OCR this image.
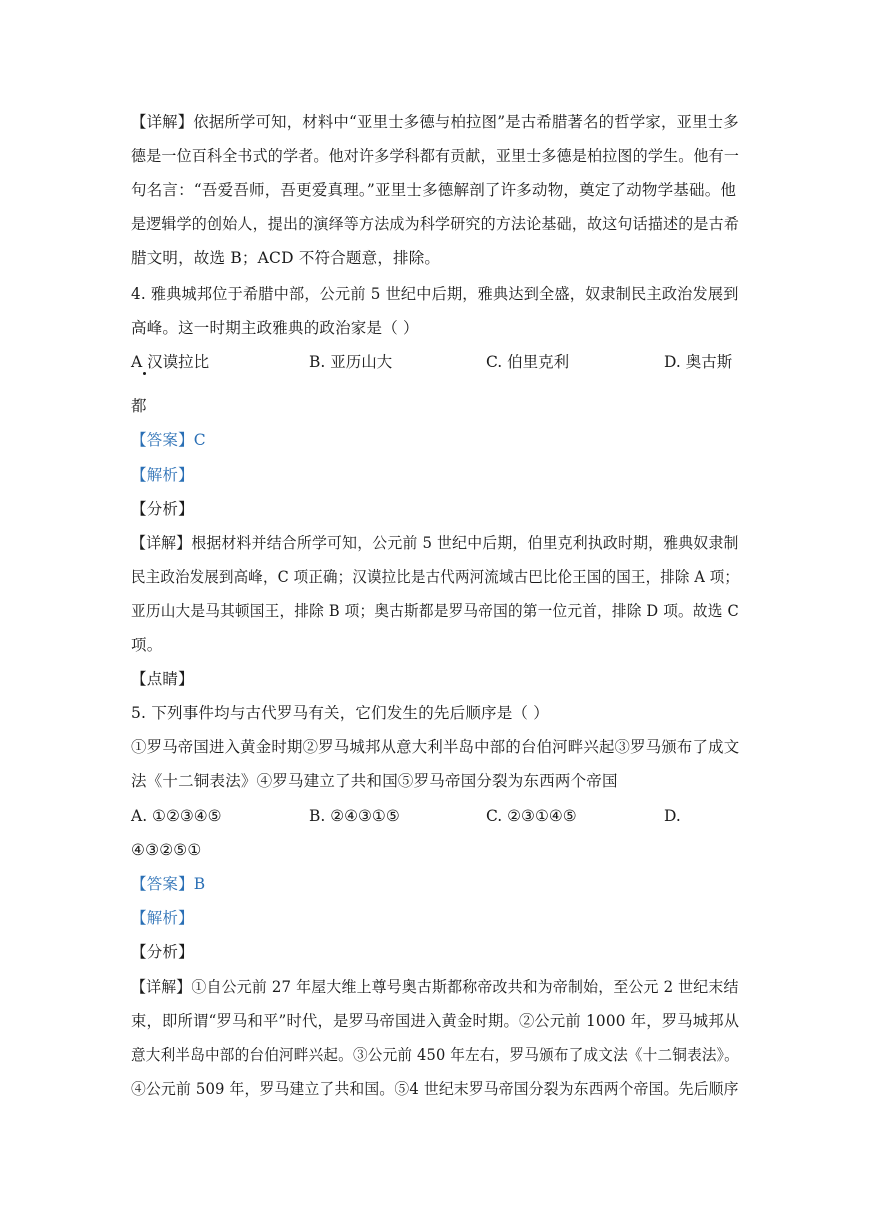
【详解】依据所学可知，材料中“亚里士多德与柏拉图”是古希腊著名的哲学家，亚里士多
德是一位百科全书式的学者。他对许多学科都有贡献，亚里士多德是柏拉图的学生。他有一
句名言：“吾爱吾师，吾更爱真理。”亚里士多德解剖了许多动物，奠定了动物学基础。他
是逻辑学的创始人，提出的演绎等方法成为科学研究的方法论基础，故这句话描述的是古希
腊文明，故选 B；ACD 不符合题意，排除。
4. 雅典城邦位于希腊中部，公元前 5 世纪中后期，雅典达到全盛，奴隶制民主政治发展到
高峰。这一时期主政雅典的政治家是（ ）
A 汉谟拉比	B. 亚历山大	C. 伯里克利	D. 奥古斯
都
【答案】C
【解析】
【分析】
【详解】根据材料并结合所学可知，公元前 5 世纪中后期，伯里克利执政时期，雅典奴隶制
民主政治发展到高峰，C 项正确；汉谟拉比是古代两河流域古巴比伦王国的国王，排除 A 项；
亚历山大是马其顿国王，排除 B 项；奥古斯都是罗马帝国的第一位元首，排除 D 项。故选 C
项。
【点睛】
5. 下列事件均与古代罗马有关，它们发生的先后顺序是（ ）
①罗马帝国进入黄金时期②罗马城邦从意大利半岛中部的台伯河畔兴起③罗马颁布了成文
法《十二铜表法》④罗马建立了共和国⑤罗马帝国分裂为东西两个帝国
A. ①②③④⑤	B. ②④③①⑤	C. ②③①④⑤	D.
④③②⑤①
【答案】B
【解析】
【分析】
【详解】①自公元前 27 年屋大维上尊号奥古斯都称帝改共和为帝制始，至公元 2 世纪末结
束，即所谓“罗马和平”时代，是罗马帝国进入黄金时期。②公元前 1000 年，罗马城邦从
意大利半岛中部的台伯河畔兴起。③公元前 450 年左右，罗马颁布了成文法《十二铜表法》。
④公元前 509 年，罗马建立了共和国。⑤4 世纪末罗马帝国分裂为东西两个帝国。先后顺序
